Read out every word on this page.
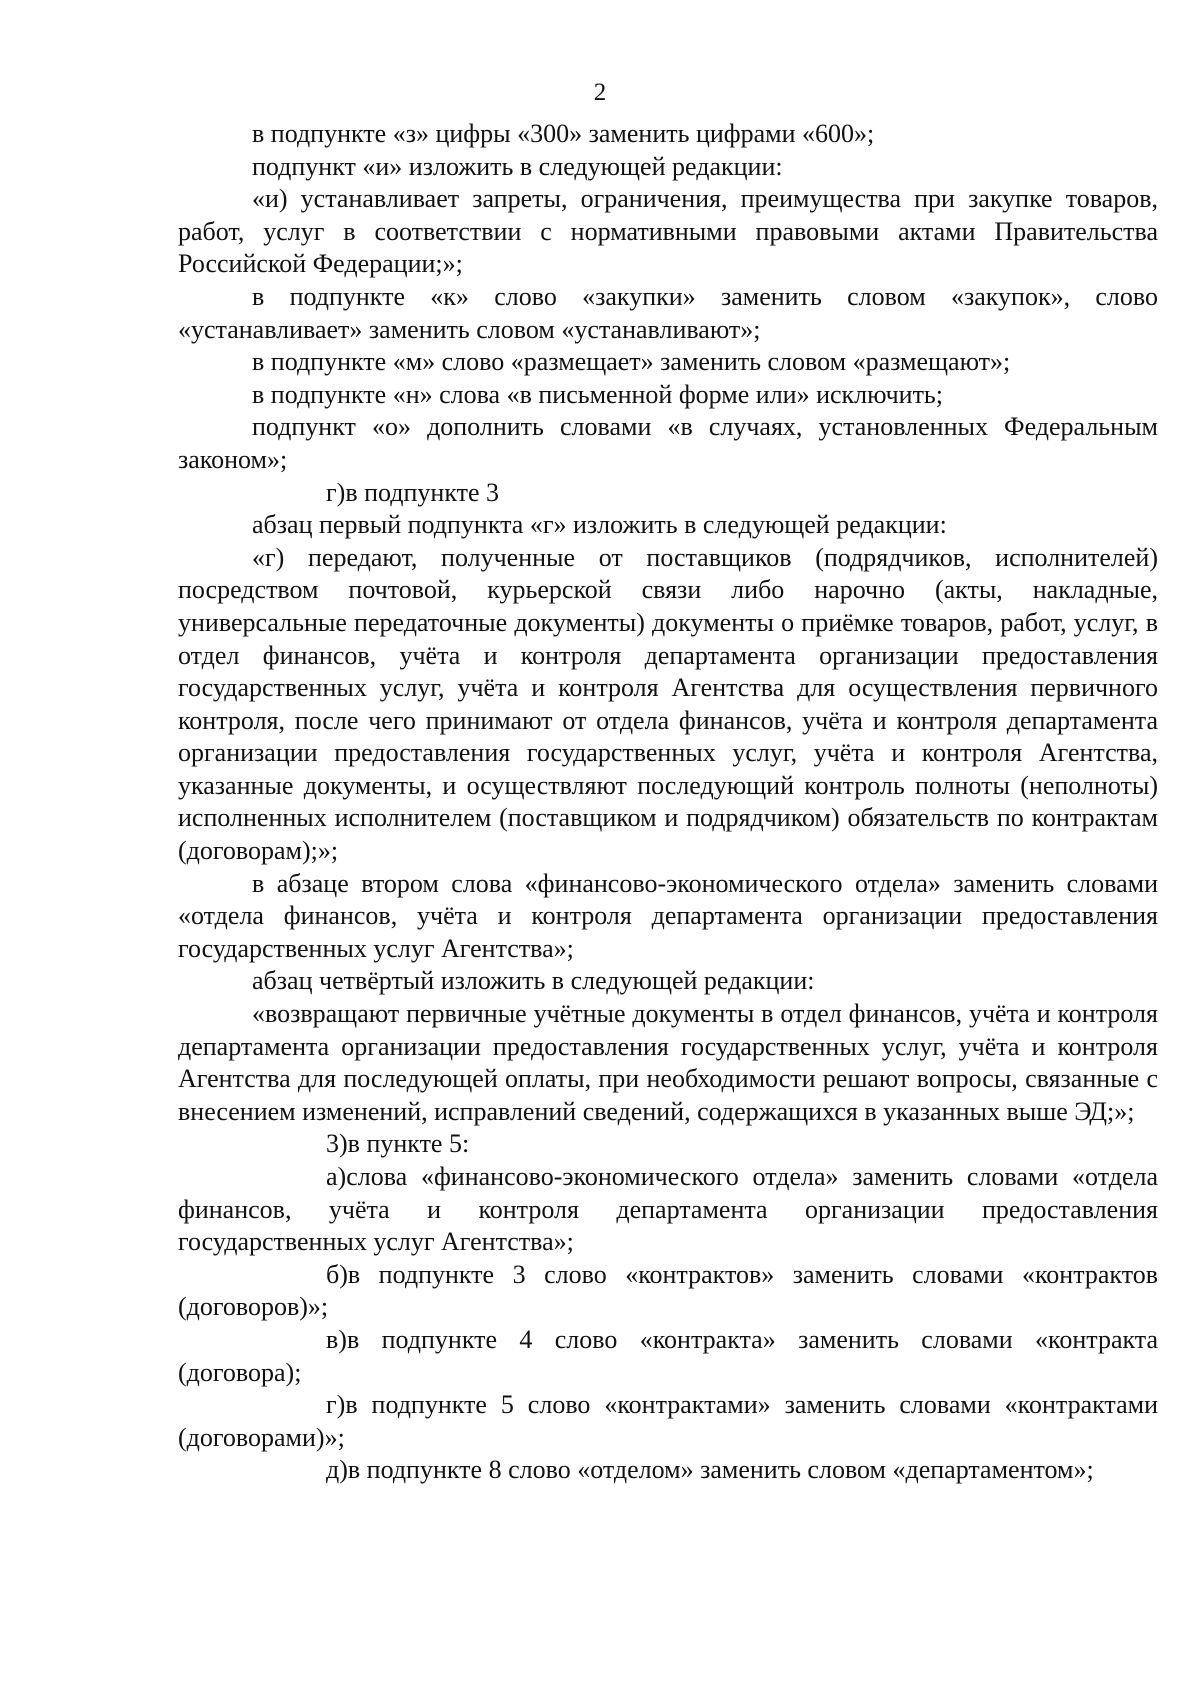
2

в подпункте «з» цифры «300» заменить цифрами «600»;

подпункт «и» изложить в следующей редакции:

«и) устанавливает запреты, ограничения, преимущества при закупке товаров, работ, услуг в соответствии с нормативными правовыми актами Правительства Российской Федерации;»;

в подпункте «к» слово «закупки» заменить словом «закупок», слово «устанавливает» заменить словом «устанавливают»;

в подпункте «м» слово «размещает» заменить словом «размещают»;

в подпункте «н» слова «в письменной форме или» исключить;

подпункт «о» дополнить словами «в случаях, установленных Федеральным законом»;

г)в подпункте 3

абзац первый подпункта «г» изложить в следующей редакции:

«г) передают, полученные от поставщиков (подрядчиков, исполнителей) посредством почтовой, курьерской связи либо нарочно (акты, накладные, универсальные передаточные документы) документы о приёмке товаров, работ, услуг, в отдел финансов, учёта и контроля департамента организации предоставления государственных услуг, учёта и контроля Агентства для осуществления первичного контроля, после чего принимают от отдела финансов, учёта и контроля департамента организации предоставления государственных услуг, учёта и контроля Агентства, указанные документы, и осуществляют последующий контроль полноты (неполноты) исполненных исполнителем (поставщиком и подрядчиком) обязательств по контрактам (договорам);»;

в абзаце втором слова «финансово-экономического отдела» заменить словами «отдела финансов, учёта и контроля департамента организации предоставления государственных услуг Агентства»;

абзац четвёртый изложить в следующей редакции:

«возвращают первичные учётные документы в отдел финансов, учёта и контроля департамента организации предоставления государственных услуг, учёта и контроля Агентства для последующей оплаты, при необходимости решают вопросы, связанные с внесением изменений, исправлений сведений, содержащихся в указанных выше ЭД;»;

3)в пункте 5:

а)слова «финансово-экономического отдела» заменить словами «отдела финансов, учёта и контроля департамента организации предоставления государственных услуг Агентства»;

б)в подпункте 3 слово «контрактов» заменить словами «контрактов (договоров)»;

в)в подпункте 4 слово «контракта» заменить словами «контракта (договора);

г)в подпункте 5 слово «контрактами» заменить словами «контрактами (договорами)»;

д)в подпункте 8 слово «отделом» заменить словом «департаментом»;
